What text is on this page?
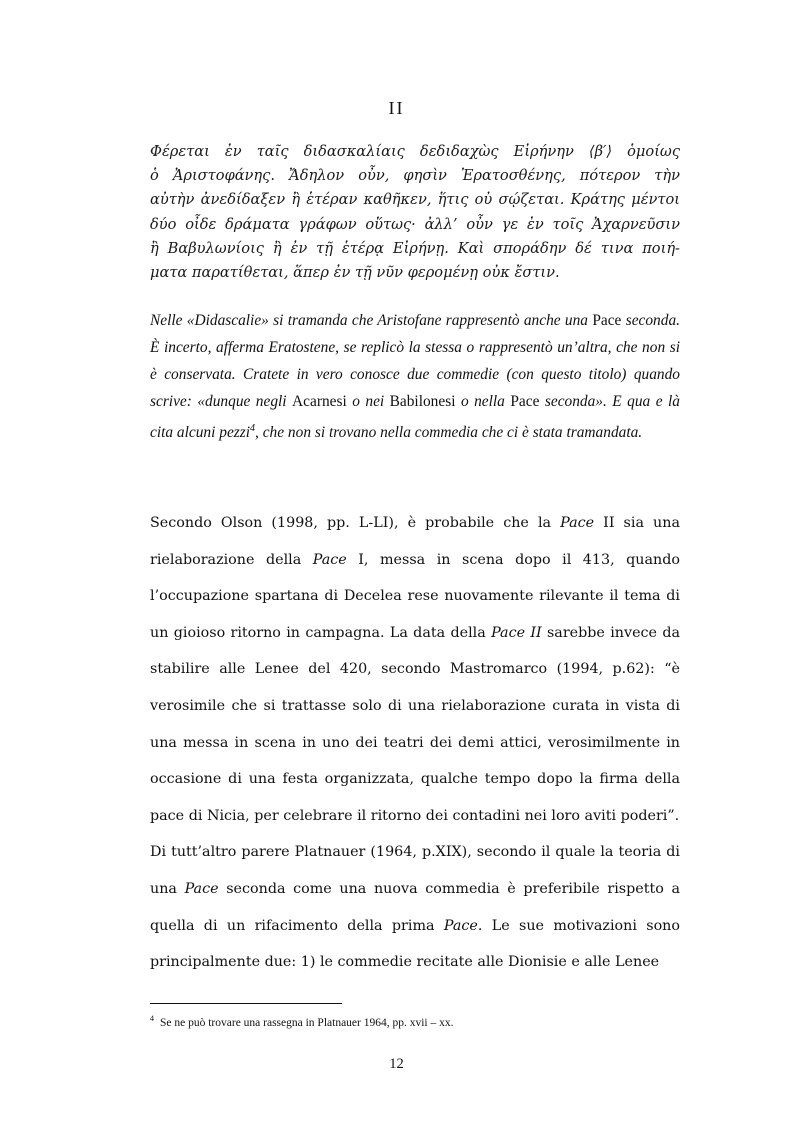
II
Φέρεται ἐν ταῖς διδασκαλίαις δεδιδαχὼς Εἰρήνην ⟨β′⟩ ὁμοίως
ὁ Ἀριστοφάνης. Ἄδηλον οὖν, φησὶν Ἐρατοσθένης, πότερον τὴν
αὐτὴν ἀνεδίδαξεν ἢ ἑτέραν καθῆκεν, ἥτις οὐ σῴζεται. Κράτης μέντοι
δύο οἶδε δράματα γράφων οὕτως· ἀλλ’ οὖν γε ἐν τοῖς Ἀχαρνεῦσιν
ἢ Βαβυλωνίοις ἢ ἐν τῇ ἑτέρᾳ Εἰρήνῃ. Καὶ σποράδην δέ τινα ποιή-
ματα παρατίθεται, ἅπερ ἐν τῇ νῦν φερομένῃ οὐκ ἔστιν.
Nelle «Didascalie» si tramanda che Aristofane rappresentò anche una Pace seconda. È incerto, afferma Eratostene, se replicò la stessa o rappresentò un’altra, che non si è conservata. Cratete in vero conosce due commedie (con questo titolo) quando scrive: «dunque negli Acarnesi o nei Babilonesi o nella Pace seconda». E qua e là cita alcuni pezzi$^4$, che non si trovano nella commedia che ci è stata tramandata.

Secondo Olson (1998, pp. L-LI), è probabile che la Pace II sia una rielaborazione della Pace I, messa in scena dopo il 413, quando l’occupazione spartana di Decelea rese nuovamente rilevante il tema di un gioioso ritorno in campagna. La data della Pace II sarebbe invece da stabilire alle Lenee del 420, secondo Mastromarco (1994, p.62): “è verosimile che si trattasse solo di una rielaborazione curata in vista di una messa in scena in uno dei teatri dei demi attici, verosimilmente in occasione di una festa organizzata, qualche tempo dopo la firma della pace di Nicia, per celebrare il ritorno dei contadini nei loro aviti poderi”.

Di tutt’altro parere Platnauer (1964, p.XIX), secondo il quale la teoria di una Pace seconda come una nuova commedia è preferibile rispetto a quella di un rifacimento della prima Pace. Le sue motivazioni sono principalmente due: 1) le commedie recitate alle Dionisie e alle Lenee

$^4$ Se ne può trovare una rassegna in Platnauer 1964, pp. xvii – xx.
12
